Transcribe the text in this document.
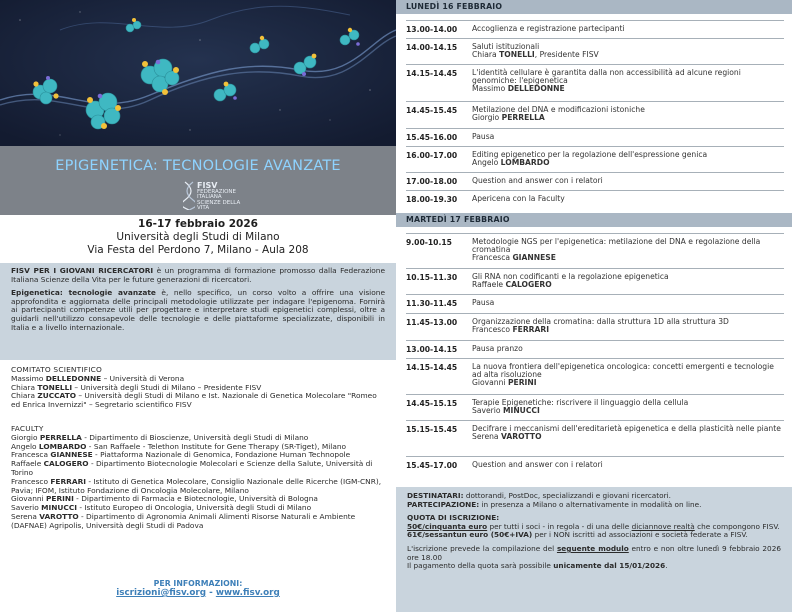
EPIGENETICA: TECNOLOGIE AVANZATE
FISV
FEDERAZIONE ITALIANA
SCIENZE DELLA VITA
16-17 febbraio 2026
Università degli Studi di Milano
Via Festa del Perdono 7, Milano - Aula 208

FISV PER I GIOVANI RICERCATORI è un programma di formazione promosso dalla Federazione Italiana Scienze della Vita per le future generazioni di ricercatori.

Epigenetica: tecnologie avanzate è, nello specifico, un corso volto a offrire una visione approfondita e aggiornata delle principali metodologie utilizzate per indagare l'epigenoma. Fornirà ai partecipanti competenze utili per progettare e interpretare studi epigenetici complessi, oltre a guidarli nell'utilizzo consapevole delle tecnologie e delle piattaforme specializzate, disponibili in Italia e a livello internazionale.

COMITATO SCIENTIFICO
Massimo DELLEDONNE – Università di Verona
Chiara TONELLI – Università degli Studi di Milano – Presidente FISV
Chiara ZUCCATO – Università degli Studi di Milano e Ist. Nazionale di Genetica Molecolare "Romeo ed Enrica Invernizzi" – Segretario scientifico FISV
FACULTY
Giorgio PERRELLA - Dipartimento di Bioscienze, Università degli Studi di Milano
Angelo LOMBARDO - San Raffaele - Telethon Institute for Gene Therapy (SR-Tiget), Milano
Francesca GIANNESE - Piattaforma Nazionale di Genomica, Fondazione Human Technopole
Raffaele CALOGERO - Dipartimento Biotecnologie Molecolari e Scienze della Salute, Università di Torino
Francesco FERRARI - Istituto di Genetica Molecolare, Consiglio Nazionale delle Ricerche (IGM-CNR), Pavia; IFOM, Istituto Fondazione di Oncologia Molecolare, Milano
Giovanni PERINI - Dipartimento di Farmacia e Biotecnologie, Università di Bologna
Saverio MINUCCI - Istituto Europeo di Oncologia, Università degli Studi di Milano
Serena VAROTTO - Dipartimento di Agronomia Animali Alimenti Risorse Naturali e Ambiente (DAFNAE) Agripolis, Università degli Studi di Padova
PER INFORMAZIONI:
iscrizioni@fisv.org - www.fisv.org
LUNEDÌ 16 FEBBRAIO
13.00-14.00	Accoglienza e registrazione partecipanti
14.00-14.15	Saluti istituzionali
Chiara TONELLI, Presidente FISV
14.15-14.45	L'identità cellulare è garantita dalla non accessibilità ad alcune regioni genomiche: l'epigenetica
Massimo DELLEDONNE
14.45-15.45	Metilazione del DNA e modificazioni istoniche
Giorgio PERRELLA
15.45-16.00	Pausa
16.00-17.00	Editing epigenetico per la regolazione dell'espressione genica
Angelo LOMBARDO
17.00-18.00	Question and answer con i relatori
18.00-19.30	Apericena con la Faculty
MARTEDÌ 17 FEBBRAIO
9.00-10.15	Metodologie NGS per l'epigenetica: metilazione del DNA e regolazione della cromatina
Francesca GIANNESE
10.15-11.30	Gli RNA non codificanti e la regolazione epigenetica
Raffaele CALOGERO
11.30-11.45	Pausa
11.45-13.00	Organizzazione della cromatina: dalla struttura 1D alla struttura 3D
Francesco FERRARI
13.00-14.15	Pausa pranzo
14.15-14.45	La nuova frontiera dell'epigenetica oncologica: concetti emergenti e tecnologie ad alta risoluzione
Giovanni PERINI
14.45-15.15	Terapie Epigenetiche: riscrivere il linguaggio della cellula
Saverio MINUCCI
15.15-15.45	Decifrare i meccanismi dell'ereditarietà epigenetica e della plasticità nelle piante
Serena VAROTTO
15.45-17.00	Question and answer con i relatori

DESTINATARI: dottorandi, PostDoc, specializzandi e giovani ricercatori.

PARTECIPAZIONE: in presenza a Milano o alternativamente in modalità on line.

QUOTA DI ISCRIZIONE:

50€/cinquanta euro per tutti i soci - in regola - di una delle diciannove realtà che compongono FISV.

61€/sessantun euro (50€+IVA) per i NON iscritti ad associazioni e società federate a FISV.

L'iscrizione prevede la compilazione del seguente modulo entro e non oltre lunedì 9 febbraio 2026 ore 18.00
Il pagamento della quota sarà possibile unicamente dal 15/01/2026.
